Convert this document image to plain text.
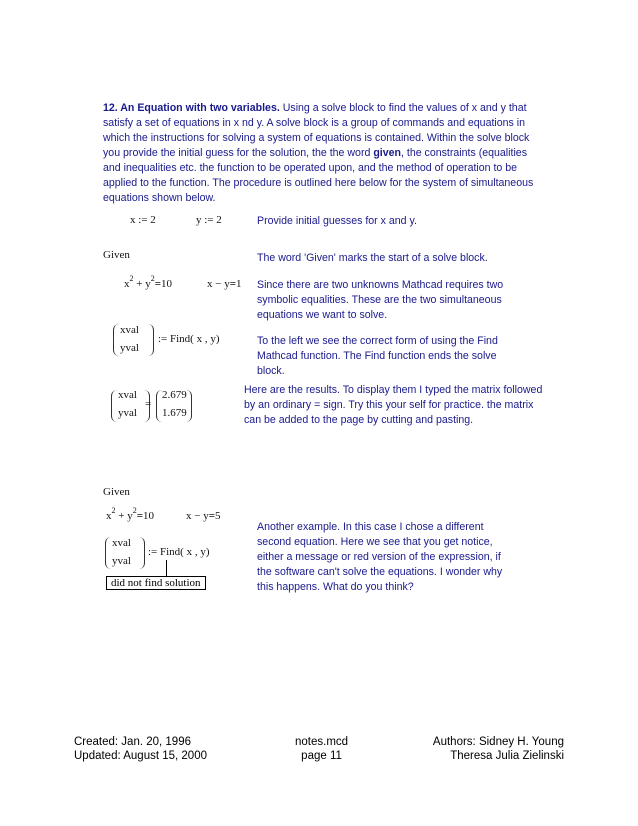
12. An Equation with two variables. Using a solve block to find the values of x and y that satisfy a set of equations in x nd y. A solve block is a group of commands and equations in which the instructions for solving a system of equations is contained. Within the solve block you provide the initial guess for the solution, the the word given, the constraints (equalities and inequalities etc. the function to be operated upon, and the method of operation to be applied to the function. The procedure is outlined here below for the system of simultaneous equations shown below.
x := 2	y := 2	Provide initial guesses for x and y.
Given	The word 'Given' marks the start of a solve block.
$x^2 + y^2=10$	x − y=1 Since there are two unknowns Mathcad requires two symbolic equalities. These are the two simultaneous equations we want to solve.
xval
yval
:= Find( x , y)	To the left we see the correct form of using the Find Mathcad function. The Find function ends the solve block.
xval
yval
=
2.679
1.679
Here are the results. To display them I typed the matrix followed by an ordinary = sign. Try this your self for practice. the matrix can be added to the page by cutting and pasting.
Given
$x^2 + y^2=10$	x − y=5
xval
yval
:= Find( x , y)
did not find solution
Another example. In this case I chose a different second equation. Here we see that you get notice, either a message or red version of the expression, if the software can't solve the equations. I wonder why this happens. What do you think?
Created: Jan. 20, 1996
Updated: August 15, 2000
notes.mcd
page 11
Authors: Sidney H. Young
Theresa Julia Zielinski
